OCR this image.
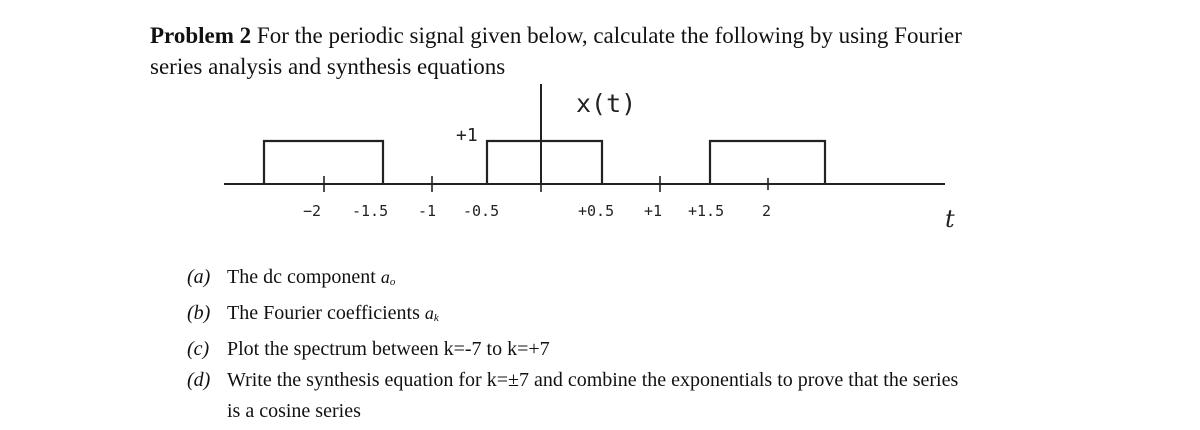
Problem 2 For the periodic signal given below, calculate the following by using Fourier
series analysis and synthesis equations
+1
x(t)
−2 -1.5 -1 -0.5	+0.5 +1 +1.5	2	t
(a) The dc component ao
(b) The Fourier coefficients ak
(c) Plot the spectrum between k=-7 to k=+7
(d) Write the synthesis equation for k=±7 and combine the exponentials to prove that the series
is a cosine series
